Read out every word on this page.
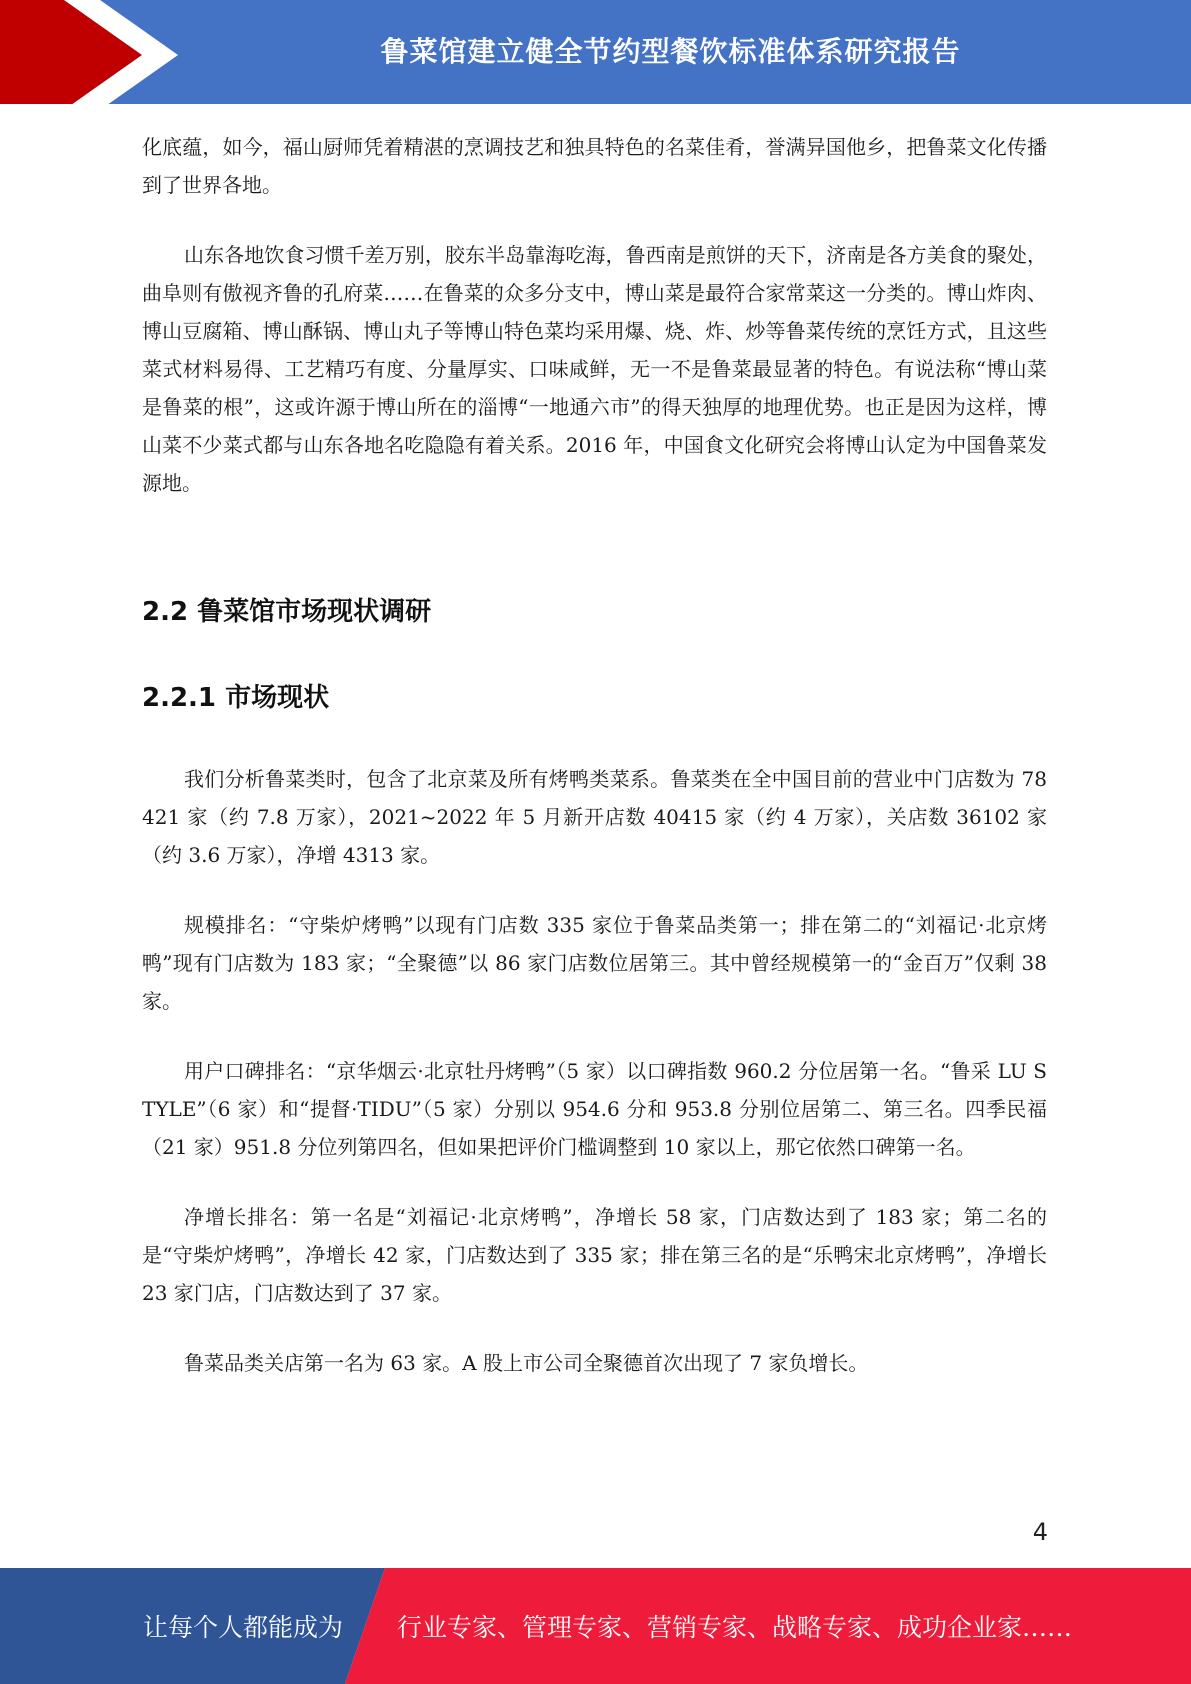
鲁菜馆建立健全节约型餐饮标准体系研究报告

化底蕴，如今，福山厨师凭着精湛的烹调技艺和独具特色的名菜佳肴，誉满异国他乡，把鲁菜文化传播到了世界各地。

山东各地饮食习惯千差万别，胶东半岛靠海吃海，鲁西南是煎饼的天下，济南是各方美食的聚处，曲阜则有傲视齐鲁的孔府菜……在鲁菜的众多分支中，博山菜是最符合家常菜这一分类的。博山炸肉、博山豆腐箱、博山酥锅、博山丸子等博山特色菜均采用爆、烧、炸、炒等鲁菜传统的烹饪方式，且这些菜式材料易得、工艺精巧有度、分量厚实、口味咸鲜，无一不是鲁菜最显著的特色。有说法称“博山菜是鲁菜的根”，这或许源于博山所在的淄博“一地通六市”的得天独厚的地理优势。也正是因为这样，博山菜不少菜式都与山东各地名吃隐隐有着关系。2016 年，中国食文化研究会将博山认定为中国鲁菜发源地。

2.2 鲁菜馆市场现状调研
2.2.1 市场现状

我们分析鲁菜类时，包含了北京菜及所有烤鸭类菜系。鲁菜类在全中国目前的营业中门店数为 78421 家（约 7.8 万家），2021~2022 年 5 月新开店数 40415 家（约 4 万家），关店数 36102 家（约 3.6 万家），净增 4313 家。

规模排名：“守柴炉烤鸭”以现有门店数 335 家位于鲁菜品类第一；排在第二的“刘福记·北京烤鸭”现有门店数为 183 家；“全聚德”以 86 家门店数位居第三。其中曾经规模第一的“金百万”仅剩 38 家。

用户口碑排名：“京华烟云·北京牡丹烤鸭”（5 家）以口碑指数 960.2 分位居第一名。“鲁采 LU STYLE”（6 家）和“提督·TIDU”（5 家）分别以 954.6 分和 953.8 分别位居第二、第三名。四季民福（21 家）951.8 分位列第四名，但如果把评价门槛调整到 10 家以上，那它依然口碑第一名。

净增长排名：第一名是“刘福记·北京烤鸭”，净增长 58 家，门店数达到了 183 家；第二名的是“守柴炉烤鸭”，净增长 42 家，门店数达到了 335 家；排在第三名的是“乐鸭宋北京烤鸭”，净增长 23 家门店，门店数达到了 37 家。

鲁菜品类关店第一名为 63 家。A 股上市公司全聚德首次出现了 7 家负增长。

4
让每个人都能成为 行业专家、管理专家、营销专家、战略专家、成功企业家……
